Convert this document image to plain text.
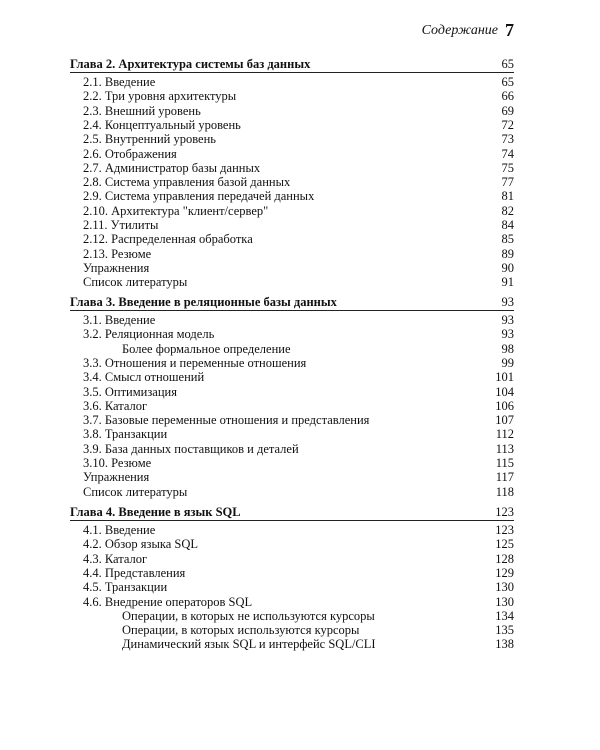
Содержание 7
Глава 2. Архитектура системы баз данных	65
2.1. Введение	65
2.2. Три уровня архитектуры	66
2.3. Внешний уровень	69
2.4. Концептуальный уровень	72
2.5. Внутренний уровень	73
2.6. Отображения	74
2.7. Администратор базы данных	75
2.8. Система управления базой данных	77
2.9. Система управления передачей данных	81
2.10. Архитектура "клиент/сервер"	82
2.11. Утилиты	84
2.12. Распределенная обработка	85
2.13. Резюме	89
Упражнения	90
Список литературы	91
Глава 3. Введение в реляционные базы данных	93
3.1. Введение	93
3.2. Реляционная модель	93
Более формальное определение	98
3.3. Отношения и переменные отношения	99
3.4. Смысл отношений	101
3.5. Оптимизация	104
3.6. Каталог	106
3.7. Базовые переменные отношения и представления	107
3.8. Транзакции	112
3.9. База данных поставщиков и деталей	113
3.10. Резюме	115
Упражнения	117
Список литературы	118
Глава 4. Введение в язык SQL	123
4.1. Введение	123
4.2. Обзор языка SQL	125
4.3. Каталог	128
4.4. Представления	129
4.5. Транзакции	130
4.6. Внедрение операторов SQL	130
Операции, в которых не используются курсоры	134
Операции, в которых используются курсоры	135
Динамический язык SQL и интерфейс SQL/CLI	138
